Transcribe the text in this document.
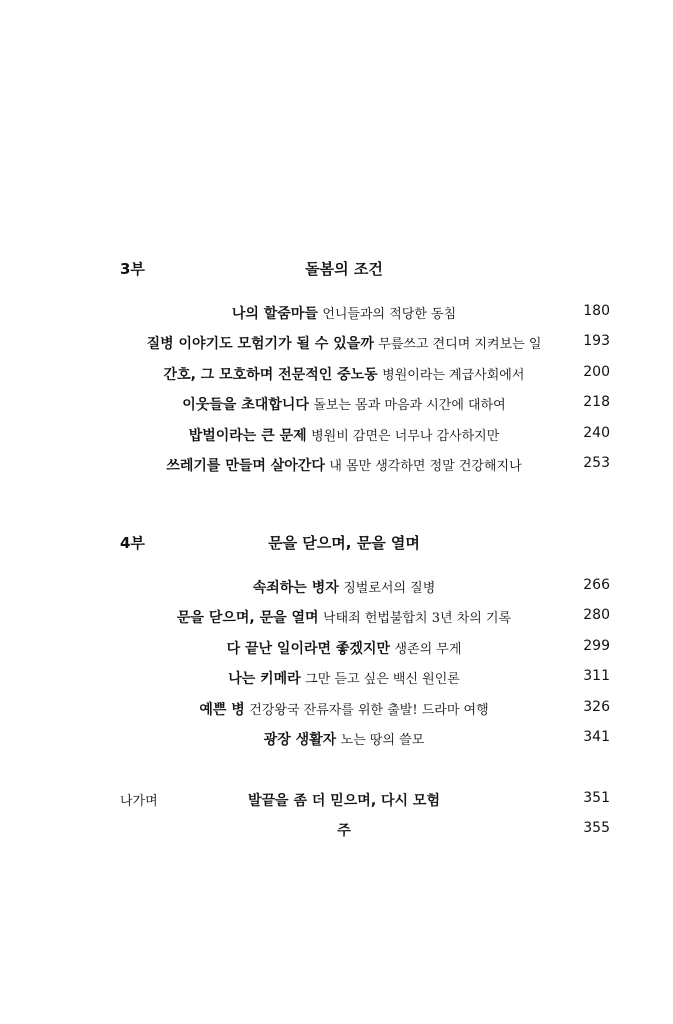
3부	돌봄의 조건
나의 할줌마들 언니들과의 적당한 동침	180
질병 이야기도 모험기가 될 수 있을까 무릎쓰고 견디며 지켜보는 일	193
간호, 그 모호하며 전문적인 중노동 병원이라는 계급사회에서	200
이웃들을 초대합니다 돌보는 몸과 마음과 시간에 대하여	218
밥벌이라는 큰 문제 병원비 감면은 너무나 감사하지만	240
쓰레기를 만들며 살아간다 내 몸만 생각하면 정말 건강해지나	253
4부	문을 닫으며, 문을 열며
속죄하는 병자 징벌로서의 질병	266
문을 닫으며, 문을 열며 낙태죄 헌법불합치 3년 차의 기록	280
다 끝난 일이라면 좋겠지만 생존의 무게	299
나는 키메라 그만 듣고 싶은 백신 원인론	311
예쁜 병 건강왕국 잔류자를 위한 출발! 드라마 여행	326
광장 생활자 노는 땅의 쓸모	341
나가며	발끝을 좀 더 믿으며, 다시 모험	351
주	355
